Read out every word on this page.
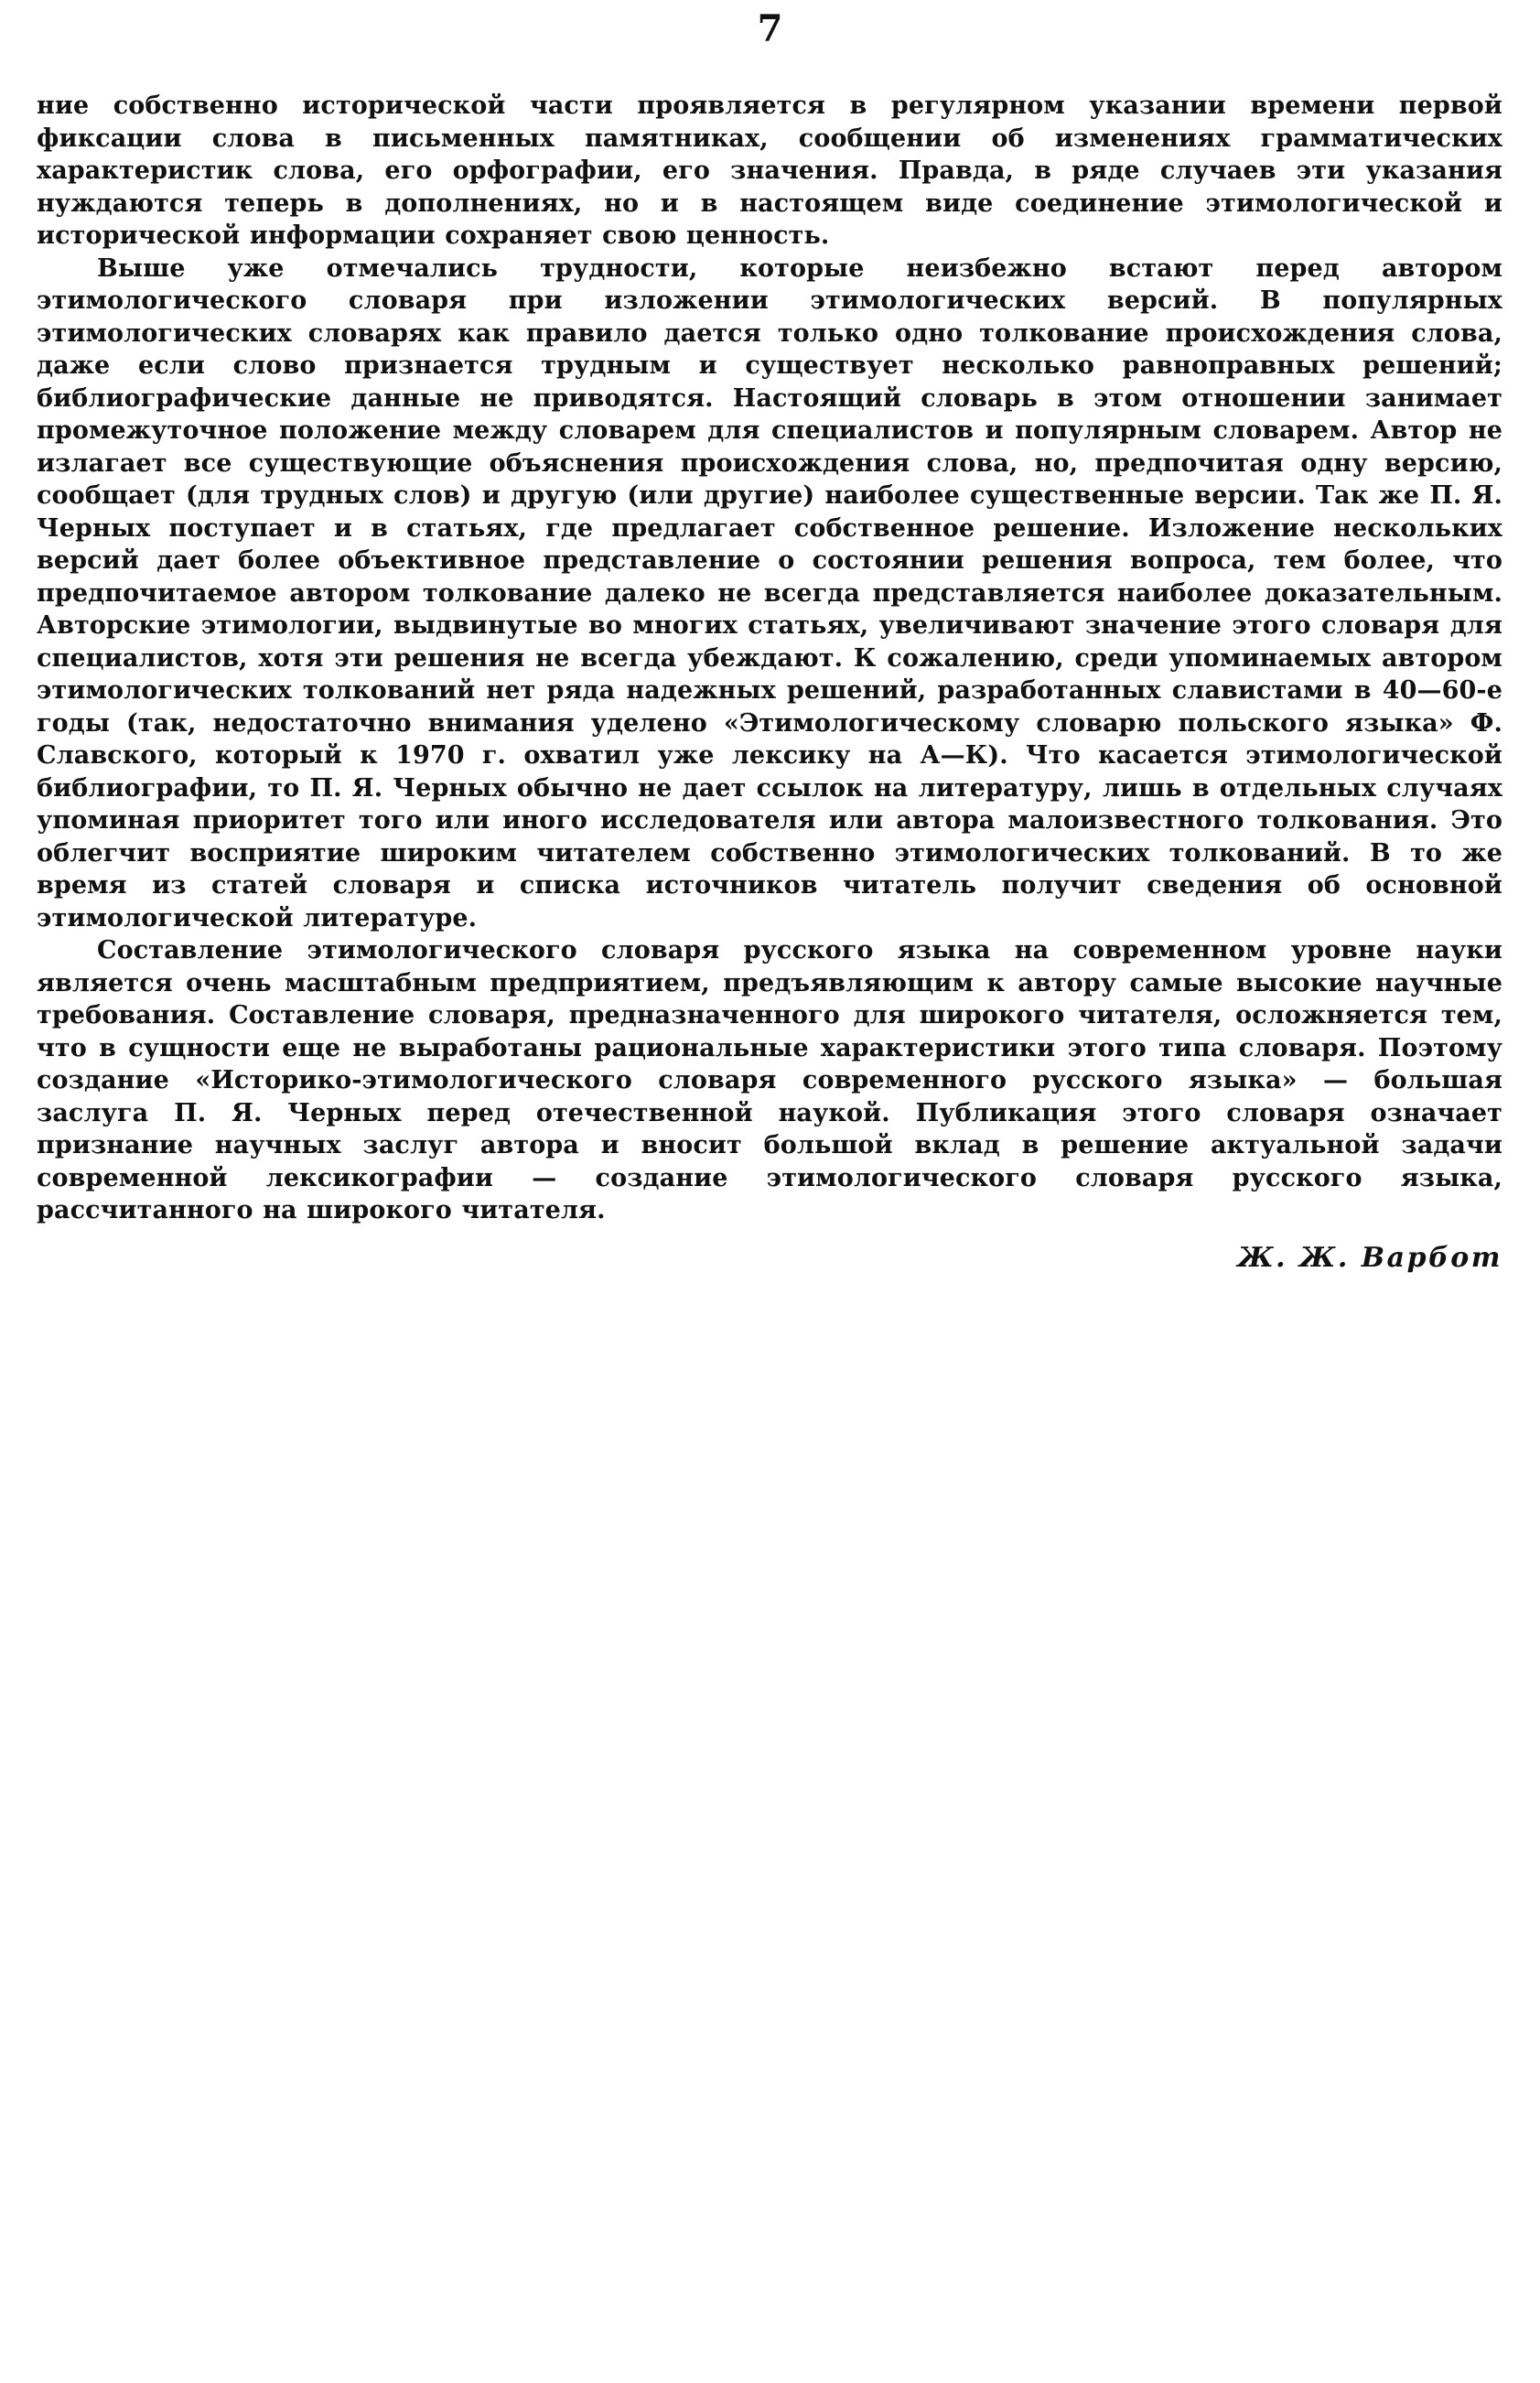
7

ние собственно исторической части проявляется в регулярном указании времени первой фиксации слова в письменных памятниках, сообщении об изменениях грамматических характеристик слова, его орфографии, его значения. Правда, в ряде случаев эти указания нуждаются теперь в дополнениях, но и в настоящем виде соединение этимологической и исторической информации сохраняет свою ценность.

Выше уже отмечались трудности, которые неизбежно встают перед автором этимологического словаря при изложении этимологических версий. В популярных этимологических словарях как правило дается только одно толкование происхождения слова, даже если слово признается трудным и существует несколько равноправных решений; библиографические данные не приводятся. Настоящий словарь в этом отношении занимает промежуточное положение между словарем для специалистов и популярным словарем. Автор не излагает все существующие объяснения происхождения слова, но, предпочитая одну версию, сообщает (для трудных слов) и другую (или другие) наиболее существенные версии. Так же П. Я. Черных поступает и в статьях, где предлагает собственное решение. Изложение нескольких версий дает более объективное представление о состоянии решения вопроса, тем более, что предпочитаемое автором толкование далеко не всегда представляется наиболее доказательным. Авторские этимологии, выдвинутые во многих статьях, увеличивают значение этого словаря для специалистов, хотя эти решения не всегда убеждают. К сожалению, среди упоминаемых автором этимологических толкований нет ряда надежных решений, разработанных славистами в 40—60-е годы (так, недостаточно внимания уделено «Этимологическому словарю польского языка» Ф. Славского, который к 1970 г. охватил уже лексику на А—К). Что касается этимологической библиографии, то П. Я. Черных обычно не дает ссылок на литературу, лишь в отдельных случаях упоминая приоритет того или иного исследователя или автора малоизвестного толкования. Это облегчит восприятие широким читателем собственно этимологических толкований. В то же время из статей словаря и списка источников читатель получит сведения об основной этимологической литературе.

Составление этимологического словаря русского языка на современном уровне науки является очень масштабным предприятием, предъявляющим к автору самые высокие научные требования. Составление словаря, предназначенного для широкого читателя, осложняется тем, что в сущности еще не выработаны рациональные характеристики этого типа словаря. Поэтому создание «Историко-этимологического словаря современного русского языка» — большая заслуга П. Я. Черных перед отечественной наукой. Публикация этого словаря означает признание научных заслуг автора и вносит большой вклад в решение актуальной задачи современной лексикографии — создание этимологического словаря русского языка, рассчитанного на широкого читателя.

Ж. Ж. Варбот
